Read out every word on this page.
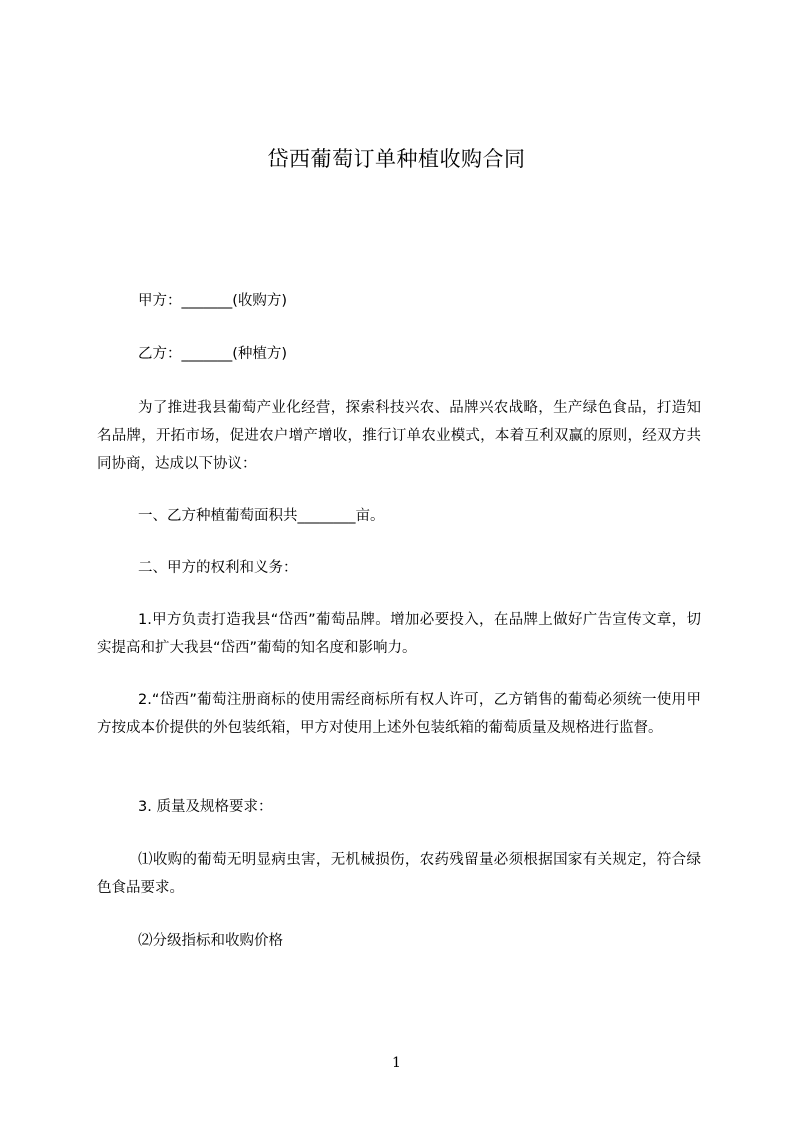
岱西葡萄订单种植收购合同
甲方：_______(收购方)
乙方：_______(种植方)
为了推进我县葡萄产业化经营，探索科技兴农、品牌兴农战略，生产绿色食品，打造知名品牌，开拓市场，促进农户增产增收，推行订单农业模式，本着互利双赢的原则，经双方共同协商，达成以下协议：
一、乙方种植葡萄面积共________亩。
二、甲方的权利和义务：
1.甲方负责打造我县“岱西”葡萄品牌。增加必要投入，在品牌上做好广告宣传文章，切实提高和扩大我县“岱西”葡萄的知名度和影响力。
2.“岱西”葡萄注册商标的使用需经商标所有权人许可，乙方销售的葡萄必须统一使用甲方按成本价提供的外包装纸箱，甲方对使用上述外包装纸箱的葡萄质量及规格进行监督。
3. 质量及规格要求：
⑴收购的葡萄无明显病虫害，无机械损伤，农药残留量必须根据国家有关规定，符合绿色食品要求。
⑵分级指标和收购价格
1
